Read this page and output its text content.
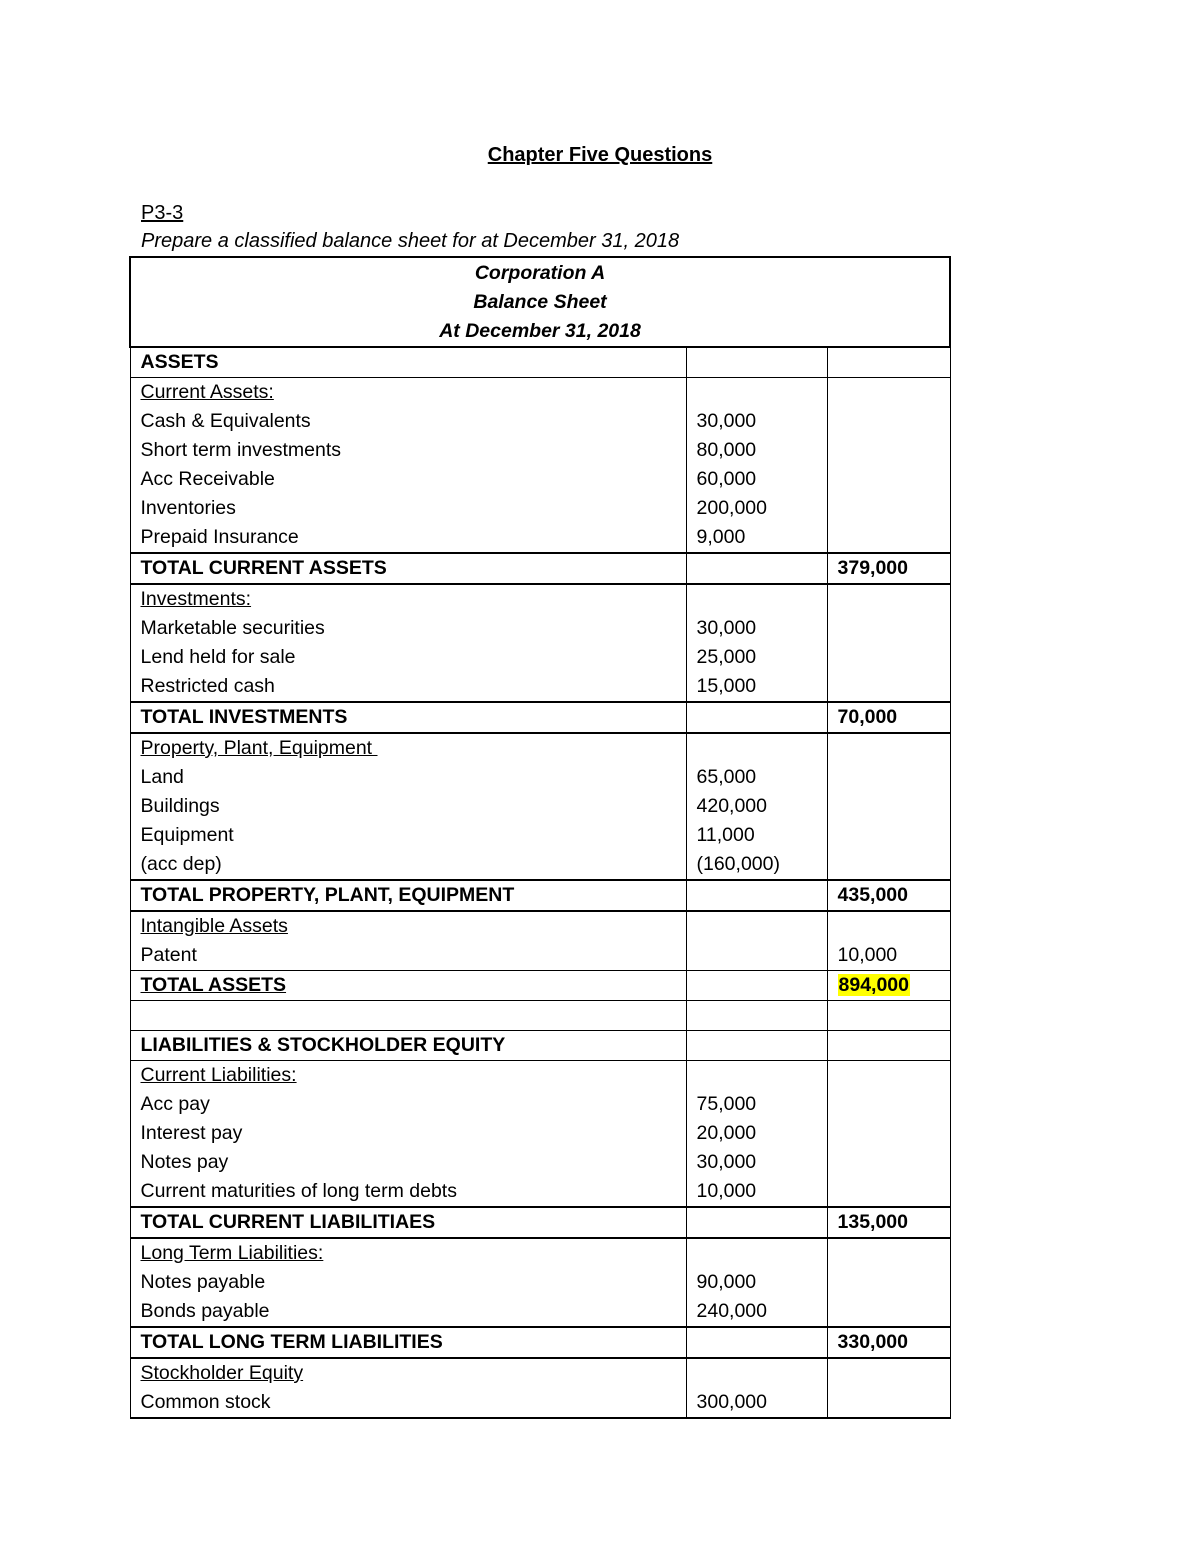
Chapter Five Questions
P3-3
Prepare a classified balance sheet for at December 31, 2018
Corporation A
Balance Sheet
At December 31, 2018		

ASSETS		
Current Assets:		
Cash & Equivalents	30,000	
Short term investments	80,000	
Acc Receivable	60,000	
Inventories	200,000	
Prepaid Insurance	9,000	
TOTAL CURRENT ASSETS		379,000
Investments:		
Marketable securities	30,000	
Lend held for sale	25,000	
Restricted cash	15,000	
TOTAL INVESTMENTS		70,000
Property, Plant, Equipment		
Land	65,000	
Buildings	420,000	
Equipment	11,000	
(acc dep)	(160,000)	
TOTAL PROPERTY, PLANT, EQUIPMENT		435,000
Intangible Assets		
Patent		10,000
TOTAL ASSETS		894,000

LIABILITIES & STOCKHOLDER EQUITY		
Current Liabilities:		
Acc pay	75,000	
Interest pay	20,000	
Notes pay	30,000	
Current maturities of long term debts	10,000	
TOTAL CURRENT LIABILITIAES		135,000
Long Term Liabilities:		
Notes payable	90,000	
Bonds payable	240,000	
TOTAL LONG TERM LIABILITIES		330,000
Stockholder Equity		
Common stock	300,000	
